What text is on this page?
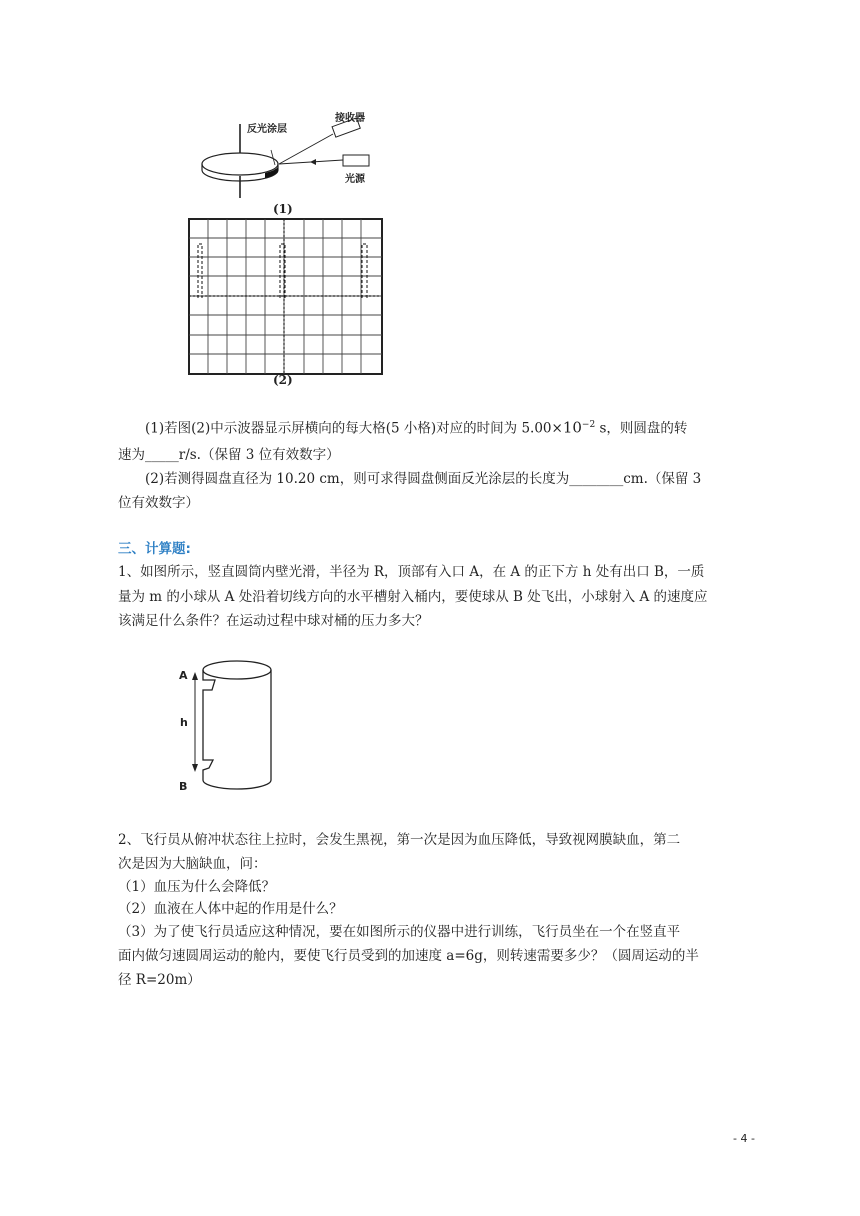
反光涂层
接收器
光源
(1)
(2)
(1)若图(2)中示波器显示屏横向的每大格(5 小格)对应的时间为 $5.00\times 10^{-2}$ s，则圆盘的转
速为_____r/s.（保留 3 位有效数字）
(2)若测得圆盘直径为 10.20 cm，则可求得圆盘侧面反光涂层的长度为________cm.（保留 3
位有效数字）
三、计算题:
1、如图所示，竖直圆筒内壁光滑，半径为 R，顶部有入口 A，在 A 的正下方 h 处有出口 B，一质
量为 m 的小球从 A 处沿着切线方向的水平槽射入桶内，要使球从 B 处飞出，小球射入 A 的速度应
该满足什么条件？在运动过程中球对桶的压力多大？
A
h
B
2、飞行员从俯冲状态往上拉时，会发生黑视，第一次是因为血压降低，导致视网膜缺血，第二
次是因为大脑缺血，问：
（1）血压为什么会降低？
（2）血液在人体中起的作用是什么？
（3）为了使飞行员适应这种情况，要在如图所示的仪器中进行训练，飞行员坐在一个在竖直平
面内做匀速圆周运动的舱内，要使飞行员受到的加速度 a=6g，则转速需要多少？（圆周运动的半
径 R=20m）
- 4 -
